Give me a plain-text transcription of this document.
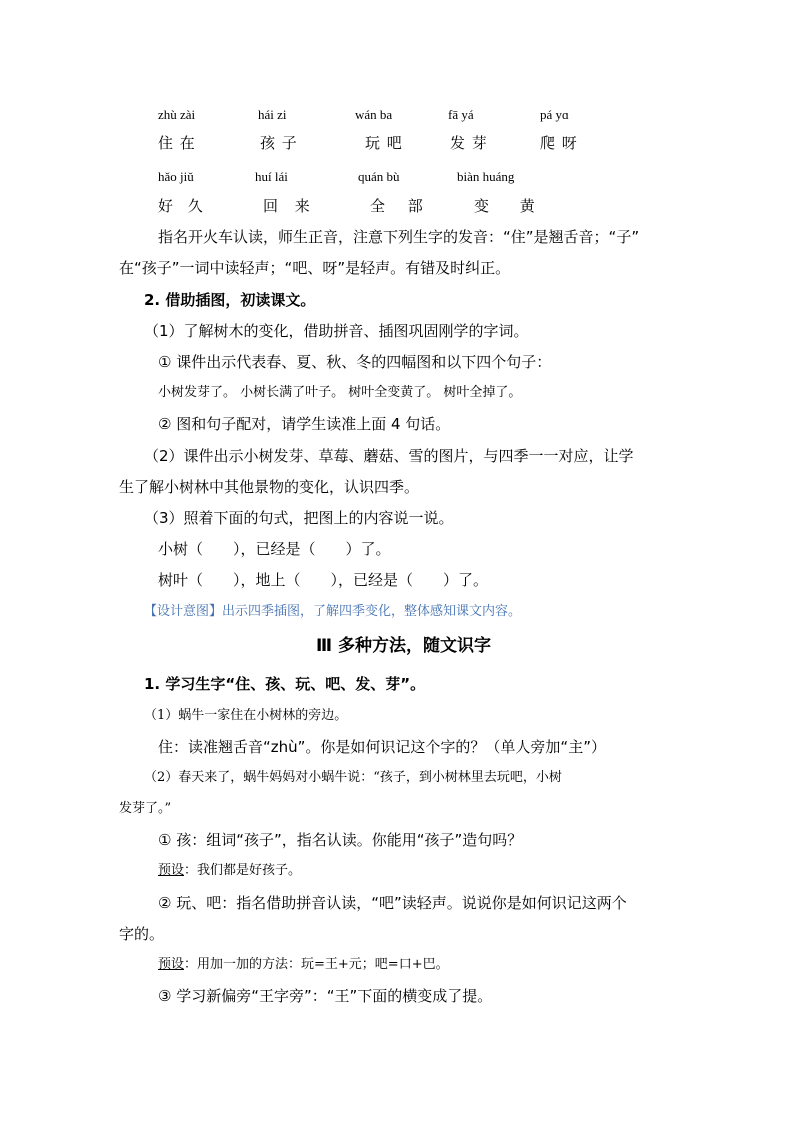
zhù zài	hái zi	wán ba	fā yá	pá yɑ
住 在	孩 子	玩 吧	发 芽	爬 呀
hǎo jiǔ	huí lái	quán bù	biàn huáng
好 久	回 来	全 部	变 黄
指名开火车认读，师生正音，注意下列生字的发音：“住”是翘舌音；“子”
在“孩子”一词中读轻声；“吧、呀”是轻声。有错及时纠正。
2. 借助插图，初读课文。
（1）了解树木的变化，借助拼音、插图巩固刚学的字词。
① 课件出示代表春、夏、秋、冬的四幅图和以下四个句子：
小树发芽了。 小树长满了叶子。 树叶全变黄了。 树叶全掉了。
② 图和句子配对，请学生读准上面 4 句话。
（2）课件出示小树发芽、草莓、蘑菇、雪的图片，与四季一一对应，让学
生了解小树林中其他景物的变化，认识四季。
（3）照着下面的句式，把图上的内容说一说。
小树（　　），已经是（　　）了。
树叶（　　），地上（　　），已经是（　　）了。
【设计意图】出示四季插图，了解四季变化，整体感知课文内容。
Ⅲ 多种方法，随文识字
1. 学习生字“住、孩、玩、吧、发、芽”。
（1）蜗牛一家住在小树林的旁边。
住：读准翘舌音“zhù”。你是如何识记这个字的？（单人旁加“主”）
（2）春天来了，蜗牛妈妈对小蜗牛说：“孩子，到小树林里去玩吧，小树
发芽了。”
① 孩：组词“孩子”，指名认读。你能用“孩子”造句吗？
预设：我们都是好孩子。
② 玩、吧：指名借助拼音认读，“吧”读轻声。说说你是如何识记这两个
字的。
预设：用加一加的方法：玩=王+元；吧=口+巴。
③ 学习新偏旁“王字旁”：“王”下面的横变成了提。
